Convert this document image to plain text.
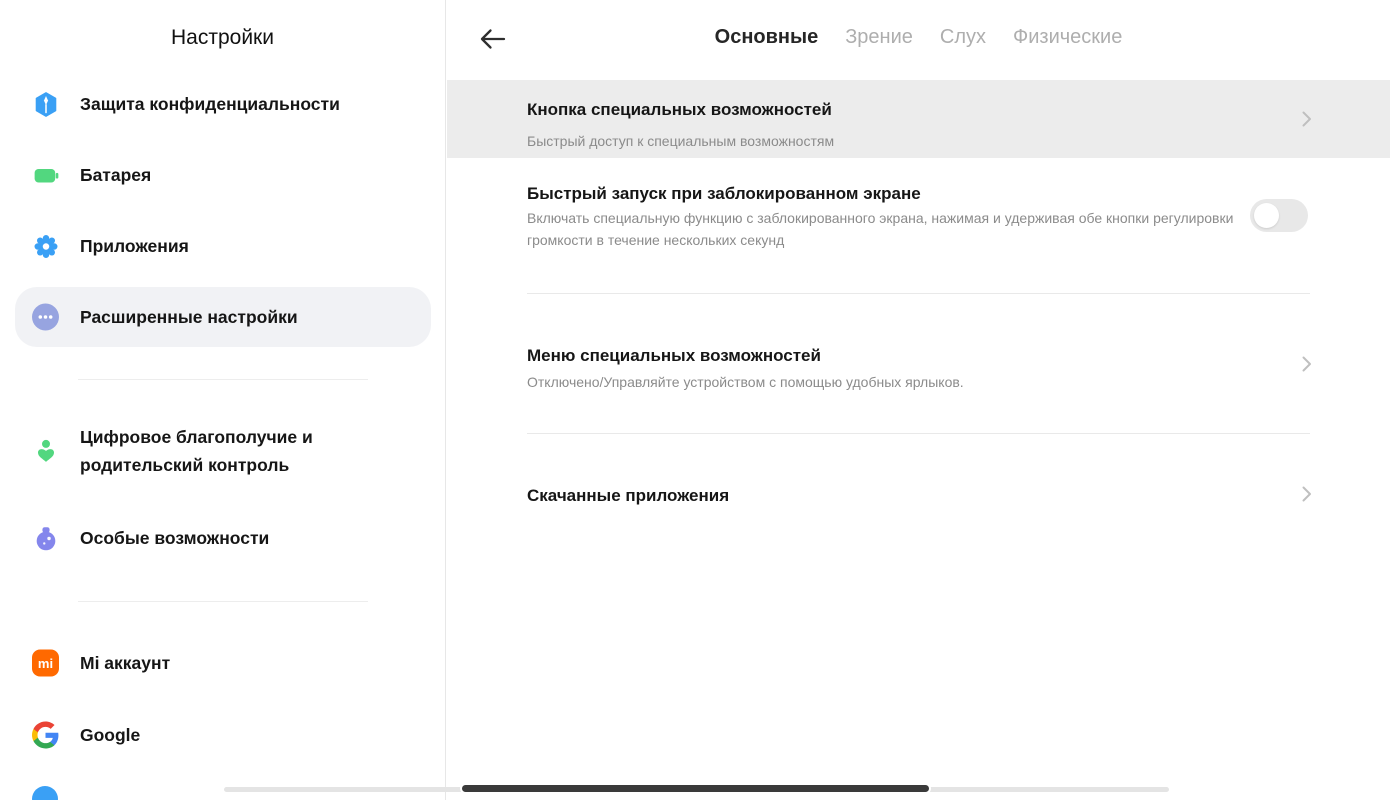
Настройки
Защита конфиденциальности
Батарея
Приложения
Расширенные настройки
Цифровое благополучие и родительский контроль
Особые возможности
mi Mi аккаунт
Google
Основные Зрение Слух Физические
Кнопка специальных возможностей
Быстрый доступ к специальным возможностям
Быстрый запуск при заблокированном экране
Включать специальную функцию с заблокированного экрана, нажимая и удерживая обе кнопки регулировки громкости в течение нескольких секунд
Меню специальных возможностей
Отключено/Управляйте устройством с помощью удобных ярлыков.
Скачанные приложения
